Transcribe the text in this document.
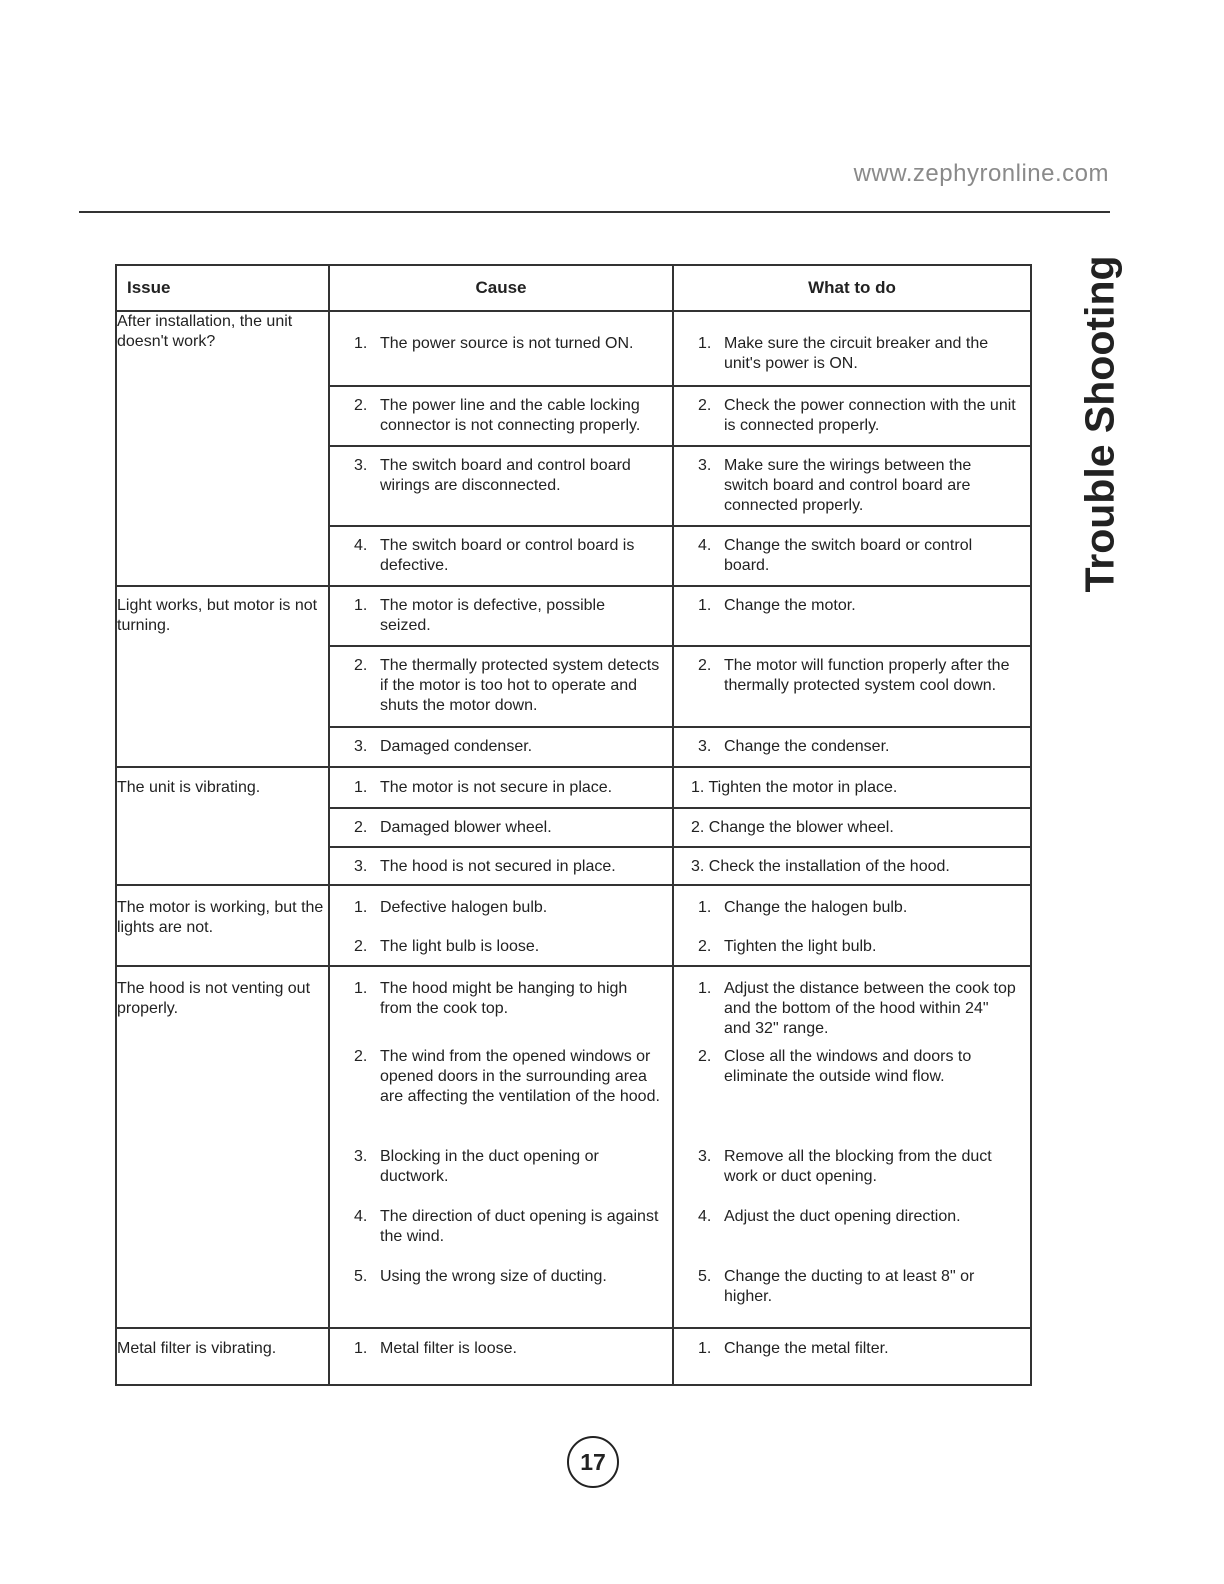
www.zephyronline.com
Trouble Shooting
Issue	Cause	What to do
After installation, the unit doesn't work?	1. The power source is not turned ON.	1. Make sure the circuit breaker and the unit's power is ON.

	2. The power line and the cable locking connector is not connecting properly.	2. Check the power connection with the unit is connected properly.

	3. The switch board and control board wirings are disconnected.	3. Make sure the wirings between the switch board and control board are connected properly.

	4. The switch board or control board is defective.	4. Change the switch board or control board.

Light works, but motor is not turning.	1. The motor is defective, possible seized.	1. Change the motor.

	2. The thermally protected system detects if the motor is too hot to operate and shuts the motor down.	2. The motor will function properly after the thermally protected system cool down.

	3. Damaged condenser.	3. Change the condenser.

The unit is vibrating.	1. The motor is not secure in place.	1. Tighten the motor in place.

	2. Damaged blower wheel.	2. Change the blower wheel.

	3. The hood is not secured in place.	3. Check the installation of the hood.

The motor is working, but the lights are not.	1. Defective halogen bulb.	1. Change the halogen bulb.

	2. The light bulb is loose.	2. Tighten the light bulb.

The hood is not venting out properly.	1. The hood might be hanging to high from the cook top.	1. Adjust the distance between the cook top and the bottom of the hood within 24" and 32" range.

	2. The wind from the opened windows or opened doors in the surrounding area are affecting the ventilation of the hood.	2. Close all the windows and doors to eliminate the outside wind flow.

	3. Blocking in the duct opening or ductwork.	3. Remove all the blocking from the duct work or duct opening.

	4. The direction of duct opening is against the wind.	4. Adjust the duct opening direction.

	5. Using the wrong size of ducting.	5. Change the ducting to at least 8" or higher.

Metal filter is vibrating.	1. Metal filter is loose.	1. Change the metal filter.
17
